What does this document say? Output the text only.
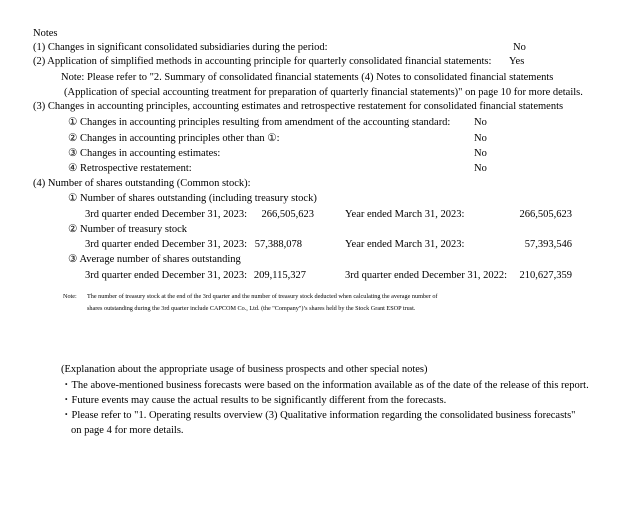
Notes
(1) Changes in significant consolidated subsidiaries during the period:	No
(2) Application of simplified methods in accounting principle for quarterly consolidated financial statements: Yes
Note: Please refer to "2. Summary of consolidated financial statements (4) Notes to consolidated financial statements
(Application of special accounting treatment for preparation of quarterly financial statements)" on page 10 for more details.
(3) Changes in accounting principles, accounting estimates and retrospective restatement for consolidated financial statements
① Changes in accounting principles resulting from amendment of the accounting standard: No
② Changes in accounting principles other than ①:	No
③ Changes in accounting estimates:	No
④ Retrospective restatement:	No
(4) Number of shares outstanding (Common stock):
① Number of shares outstanding (including treasury stock)
3rd quarter ended December 31, 2023:	266,505,623	Year ended March 31, 2023:	266,505,623
② Number of treasury stock
3rd quarter ended December 31, 2023: 57,388,078	Year ended March 31, 2023:	57,393,546
③ Average number of shares outstanding
3rd quarter ended December 31, 2023: 209,115,327	3rd quarter ended December 31, 2022:	210,627,359
Note: The number of treasury stock at the end of the 3rd quarter and the number of treasury stock deducted when calculating the average number of
shares outstanding during the 3rd quarter include CAPCOM Co., Ltd. (the "Company")’s shares held by the Stock Grant ESOP trust.
(Explanation about the appropriate usage of business prospects and other special notes)
・The above-mentioned business forecasts were based on the information available as of the date of the release of this report.
・Future events may cause the actual results to be significantly different from the forecasts.
・Please refer to "1. Operating results overview (3) Qualitative information regarding the consolidated business forecasts"
on page 4 for more details.
